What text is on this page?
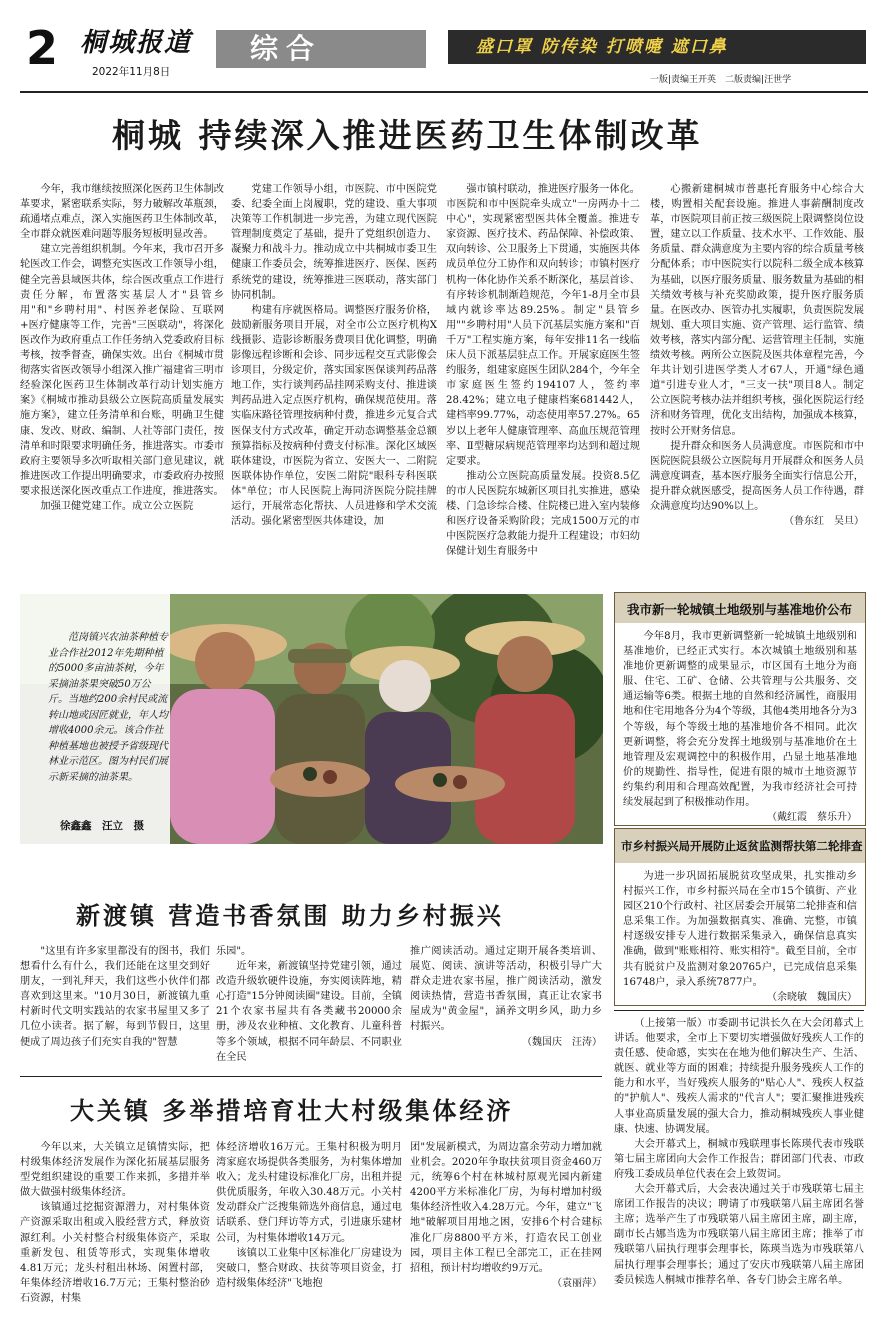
2 桐城报道
2022年11月8日
综合	盛口罩 防传染 打喷嚏 遮口鼻
一版|责编王开英　二版责编|汪世学
桐城 持续深入推进医药卫生体制改革

今年，我市继续按照深化医药卫生体制改革要求，紧密联系实际，努力破解改革瓶颈，疏通堵点难点，深入实施医药卫生体制改革，全市群众就医难问题等服务短板明显改善。

建立完善组织机制。今年来，我市召开多轮医改工作会，调整充实医改工作领导小组，健全完善县域医共体，综合医改重点工作进行责任分解，布置落实基层人才"县管乡用"和"乡聘村用"、村医养老保险、互联网+医疗健康等工作，完善"三医联动"，将深化医改作为政府重点工作任务纳入党委政府目标考核，按季督查，确保实效。出台《桐城市贯彻落实省医改领导小组深入推广福建省三明市经验深化医药卫生体制改革行动计划实施方案》《桐城市推动县级公立医院高质量发展实施方案》，建立任务清单和台账，明确卫生健康、发改、财政、编制、人社等部门责任，按清单和时限要求明确任务，推进落实。市委市政府主要领导多次听取相关部门意见建议，就推进医改工作提出明确要求，市委政府办按照要求报送深化医改重点工作进度，推进落实。

加强卫健党建工作。成立公立医院

党建工作领导小组，市医院、市中医院党委、纪委全面上岗履职，党的建设、重大事项决策等工作机制进一步完善，为建立现代医院管理制度奠定了基础，提升了党组织创造力、凝聚力和战斗力。推动成立中共桐城市委卫生健康工作委员会，统筹推进医疗、医保、医药系统党的建设，统筹推进三医联动，落实部门协同机制。

构建有序就医格局。调整医疗服务价格，鼓励新服务项目开展，对全市公立医疗机构X线摄影、造影诊断服务费项目优化调整，明确影像远程诊断和会诊、同步远程交互式影像会诊项目，分级定价，落实国家医保谈判药品落地工作，实行谈判药品挂网采购支付、推进谈判药品进入定点医疗机构，确保规范使用。落实临床路径管理按病种付费，推进乡元复合式医保支付方式改革，确定开动态调整基金总额预算指标及按病种付费支付标准。深化区域医联体建设，市医院为省立、安医大一、二附院医联体协作单位，安医二附院"眼科专科医联体"单位；市人民医院上海同济医院分院挂牌运行，开展常态化帮扶、人员进修和学术交流活动。强化紧密型医共体建设，加

强市镇村联动，推进医疗服务一体化。市医院和市中医院牵头成立"一房两办十二中心"，实现紧密型医共体全覆盖。推进专家资源、医疗技术、药品保障、补偿政策、双向转诊、公卫服务上下贯通，实施医共体成员单位分工协作和双向转诊；市镇村医疗机构一体化协作关系不断深化，基层首诊、有序转诊机制渐趋规范，今年1-8月全市县域内就诊率达89.25%。制定"县管乡用""乡聘村用"人员下沉基层实施方案和"百千万"工程实施方案，每年安排11名一线临床人员下派基层驻点工作。开展家庭医生签约服务，组建家庭医生团队284个，今年全市家庭医生签约194107人，签约率28.42%；建立电子健康档案681442人，建档率99.77%，动态使用率57.27%。65岁以上老年人健康管理率、高血压规范管理率、Ⅱ型糖尿病规范管理率均达到和超过规定要求。

推动公立医院高质量发展。投资8.5亿的市人民医院东城新区项目扎实推进，感染楼、门急诊综合楼、住院楼已进入室内装修和医疗设备采购阶段；完成1500万元的市中医院医疗急救能力提升工程建设；市妇幼保健计划生育服务中

心搬新建桐城市普惠托育服务中心综合大楼，购置相关配套设施。推进人事薪酬制度改革，市医院项目前正按三级医院上限调整岗位设置，建立以工作质量、技术水平、工作效能、服务质量、群众满意度为主要内容的综合质量考核分配体系；市中医院实行以院科二级全成本核算为基础，以医疗服务质量、服务数量为基础的相关绩效考核与补充奖励政策，提升医疗服务质量。在医改办、医管办扎实履职，负责医院发展规划、重大项目实施、资产管理、运行监管、绩效考核，落实内部分配、运营管理主任制，实施绩效考核。两所公立医院及医共体章程完善，今年共计划引进医学类人才67人，开通"绿色通道"引进专业人才，"三支一扶"项目8人。制定公立医院考核办法并组织考核，强化医院运行经济和财务管理，优化支出结构，加强成本核算，按时公开财务信息。

提升群众和医务人员满意度。市医院和市中医院医院县级公立医院每月开展群众和医务人员满意度调查，基本医疗服务全面实行信息公开，提升群众就医感受，提高医务人员工作待遇，群众满意度均达90%以上。

（鲁东红　吴旦）
范岗镇兴农油茶种植专业合作社2012年先期种植的5000多亩油茶树，今年采摘油茶果突破50万公斤。当地约200余村民或流转山地或因匠就业，年人均增收4000余元。该合作社种植基地也被授予省级现代林业示范区。图为村民们展示新采摘的油茶果。
徐鑫鑫　汪立　摄
我市新一轮城镇土地级别与基准地价公布

今年8月，我市更新调整新一轮城镇土地级别和基准地价，已经正式实行。本次城镇土地级别和基准地价更新调整的成果显示，市区国有土地分为商服、住宅、工矿、仓储、公共管理与公共服务、交通运输等6类。根据土地的自然和经济属性，商服用地和住宅用地各分为4个等级，其他4类用地各分为3个等级，每个等级土地的基准地价各不相同。此次更新调整，将会充分发挥土地级别与基准地价在土地管理及宏观调控中的积极作用，凸显土地基准地价的规勤性、指导性，促进有限的城市土地资源节约集约利用和合理高效配置，为我市经济社会可持续发展起到了积极推动作用。

（戴红霞　蔡乐升）
市乡村振兴局开展防止返贫监测帮扶第二轮排查

为进一步巩固拓展脱贫攻坚成果，扎实推动乡村振兴工作，市乡村振兴局在全市15个镇街、产业园区210个行政村、社区居委会开展第二轮排查和信息采集工作。为加强数据真实、准确、完整，市镇村逐级安排专人进行数据采集录入，确保信息真实准确，做到"账账相符、账实相符"。截至目前，全市共有脱贫户及监测对象20765户，已完成信息采集16748户，录入系统7877户。

（余晓敏　魏国庆）
新渡镇 营造书香氛围 助力乡村振兴

"这里有许多家里都没有的图书，我们想看什么有什么，我们还能在这里交到好朋友，一到礼拜天，我们这些小伙伴们都喜欢到这里来。"10月30日，新渡镇九重村新时代文明实践站的农家书屋里又多了几位小读者。据了解，每到节假日，这里便成了周边孩子们充实自我的"智慧

乐园"。

近年来，新渡镇坚持党建引领，通过改造升级软硬件设施，夯实阅读阵地，精心打造"15分钟阅读圈"建设。目前，全镇21个农家书屋共有各类藏书20000余册，涉及农业种植、文化教育、儿童科普等多个领域，根据不同年龄层、不同职业在全民

推广阅读活动。通过定期开展各类培训、展览、阅读、演讲等活动，积极引导广大群众走进农家书屋，推广阅读活动，激发阅读热情，营造书香氛围，真正让农家书屋成为"黄金屋"，涵养文明乡风，助力乡村振兴。

（魏国庆　汪涛）
大关镇 多举措培育壮大村级集体经济

今年以来，大关镇立足镇情实际，把村级集体经济发展作为深化拓展基层服务型党组织建设的重要工作来抓，多措并举做大做强村级集体经济。

该镇通过挖掘资源潜力，对村集体资产资源采取出租或入股经营方式，释放资源红利。小关村整合村级集体资产，采取重新发包、租赁等形式，实现集体增收4.81万元；龙头村租出林场、闲置村部，年集体经济增收16.7万元；王集村整治砂石资源，村集

体经济增收16万元。王集村积极为明月湾家庭农场提供各类服务，为村集体增加收入；龙头村建设标准化厂房，出租并提供优质服务，年收入30.48万元。小关村发动群众广泛搜集筛选外商信息，通过电话联系、登门拜访等方式，引进康乐建材公司，为村集体增收14万元。

该镇以工业集中区标准化厂房建设为突破口，整合财政、扶贫等项目资金，打造村级集体经济"飞地抱

团"发展新模式，为周边富余劳动力增加就业机会。2020年争取扶贫项目资金460万元，统筹6个村在林城村原观光园内新建4200平方米标准化厂房，为每村增加村级集体经济性收入4.28万元。今年，建立"飞地"破解项目用地之困，安排6个村合建标准化厂房8800平方米，打造农民工创业园，项目主体工程已全部完工，正在挂网招租，预计村均增收约9万元。

（袁丽萍）

（上接第一版）市委副书记洪长久在大会闭幕式上讲话。他要求，全市上下要切实增强做好残疾人工作的责任感、使命感，实实在在地为他们解决生产、生活、就医、就业等方面的困难；持续提升服务残疾人工作的能力和水平，当好残疾人服务的"贴心人"、残疾人权益的"护航人"、残疾人需求的"代言人"；要汇聚推进残疾人事业高质量发展的强大合力，推动桐城残疾人事业健康、快速、协调发展。

大会开幕式上，桐城市残联理事长陈瑛代表市残联第七届主席团向大会作工作报告；群团部门代表、市政府残工委成员单位代表在会上致贺词。

大会开幕式后，大会表决通过关于市残联第七届主席团工作报告的决议；聘请了市残联第八届主席团名誉主席；选举产生了市残联第八届主席团主席，副主席，副市长占娜当选为市残联第八届主席团主席；推举了市残联第八届执行理事会理事长，陈瑛当选为市残联第八届执行理事会理事长；通过了安庆市残联第八届主席团委员候选人桐城市推荐名单、各专门协会主席名单。
